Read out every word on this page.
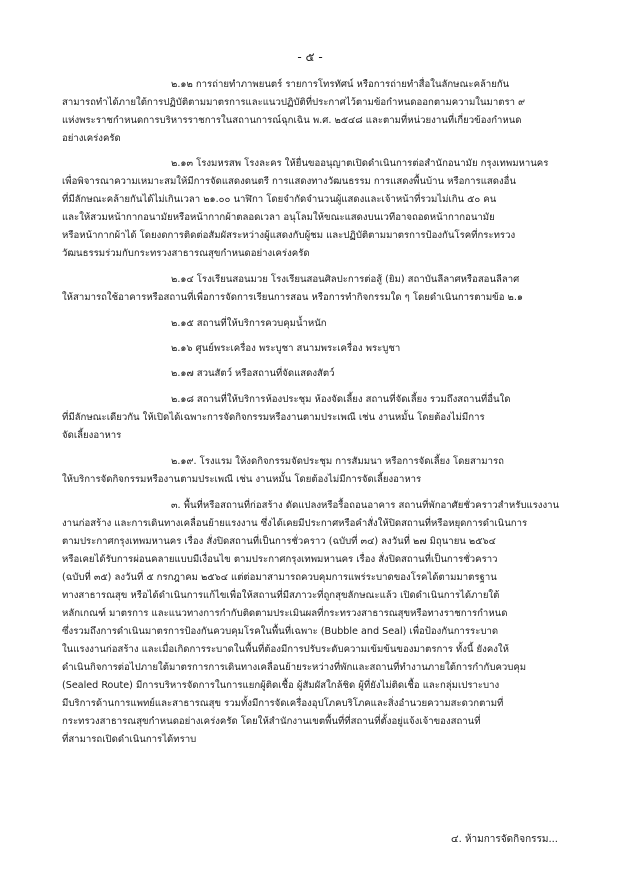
- ๕ -
๒.๑๒ การถ่ายทำภาพยนตร์ รายการโทรทัศน์ หรือการถ่ายทำสื่อในลักษณะคล้ายกัน
สามารถทำได้ภายใต้การปฏิบัติตามมาตรการและแนวปฏิบัติที่ประกาศไว้ตามข้อกำหนดออกตามความในมาตรา ๙
แห่งพระราชกำหนดการบริหารราชการในสถานการณ์ฉุกเฉิน พ.ศ. ๒๕๔๘ และตามที่หน่วยงานที่เกี่ยวข้องกำหนด
อย่างเคร่งครัด
๒.๑๓ โรงมหรสพ โรงละคร ให้ยื่นขออนุญาตเปิดดำเนินการต่อสำนักอนามัย กรุงเทพมหานคร
เพื่อพิจารณาความเหมาะสมให้มีการจัดแสดงดนตรี การแสดงทางวัฒนธรรม การแสดงพื้นบ้าน หรือการแสดงอื่น
ที่มีลักษณะคล้ายกันได้ไม่เกินเวลา ๒๑.๐๐ นาฬิกา โดยจำกัดจำนวนผู้แสดงและเจ้าหน้าที่รวมไม่เกิน ๕๐ คน
และให้สวมหน้ากากอนามัยหรือหน้ากากผ้าตลอดเวลา อนุโลมให้ขณะแสดงบนเวทีอาจถอดหน้ากากอนามัย
หรือหน้ากากผ้าได้ โดยงดการติดต่อสัมผัสระหว่างผู้แสดงกับผู้ชม และปฏิบัติตามมาตรการป้องกันโรคที่กระทรวง
วัฒนธรรมร่วมกับกระทรวงสาธารณสุขกำหนดอย่างเคร่งครัด
๒.๑๔ โรงเรียนสอนมวย โรงเรียนสอนศิลปะการต่อสู้ (ยิม) สถาบันลีลาศหรือสอนลีลาศ
ให้สามารถใช้อาคารหรือสถานที่เพื่อการจัดการเรียนการสอน หรือการทำกิจกรรมใด ๆ โดยดำเนินการตามข้อ ๒.๑
๒.๑๕ สถานที่ให้บริการควบคุมน้ำหนัก
๒.๑๖ ศูนย์พระเครื่อง พระบูชา สนามพระเครื่อง พระบูชา
๒.๑๗ สวนสัตว์ หรือสถานที่จัดแสดงสัตว์
๒.๑๘ สถานที่ให้บริการห้องประชุม ห้องจัดเลี้ยง สถานที่จัดเลี้ยง รวมถึงสถานที่อื่นใด
ที่มีลักษณะเดียวกัน ให้เปิดได้เฉพาะการจัดกิจกรรมหรืองานตามประเพณี เช่น งานหมั้น โดยต้องไม่มีการ
จัดเลี้ยงอาหาร
๒.๑๙. โรงแรม ให้งดกิจกรรมจัดประชุม การสัมมนา หรือการจัดเลี้ยง โดยสามารถ
ให้บริการจัดกิจกรรมหรืองานตามประเพณี เช่น งานหมั้น โดยต้องไม่มีการจัดเลี้ยงอาหาร
๓. พื้นที่หรือสถานที่ก่อสร้าง ดัดแปลงหรือรื้อถอนอาคาร สถานที่พักอาศัยชั่วคราวสำหรับแรงงาน
งานก่อสร้าง และการเดินทางเคลื่อนย้ายแรงงาน ซึ่งได้เคยมีประกาศหรือคำสั่งให้ปิดสถานที่หรือหยุดการดำเนินการ
ตามประกาศกรุงเทพมหานคร เรื่อง สั่งปิดสถานที่เป็นการชั่วคราว (ฉบับที่ ๓๔) ลงวันที่ ๒๗ มิถุนายน ๒๕๖๔
หรือเคยได้รับการผ่อนคลายแบบมีเงื่อนไข ตามประกาศกรุงเทพมหานคร เรื่อง สั่งปิดสถานที่เป็นการชั่วคราว
(ฉบับที่ ๓๕) ลงวันที่ ๕ กรกฎาคม ๒๕๖๔ แต่ต่อมาสามารถควบคุมการแพร่ระบาดของโรคได้ตามมาตรฐาน
ทางสาธารณสุข หรือได้ดำเนินการแก้ไขเพื่อให้สถานที่มีสภาวะที่ถูกสุขลักษณะแล้ว เปิดดำเนินการได้ภายใต้
หลักเกณฑ์ มาตรการ และแนวทางการกำกับติดตามประเมินผลที่กระทรวงสาธารณสุขหรือทางราชการกำหนด
ซึ่งรวมถึงการดำเนินมาตรการป้องกันควบคุมโรคในพื้นที่เฉพาะ (Bubble and Seal) เพื่อป้องกันการระบาด
ในแรงงานก่อสร้าง และเมื่อเกิดการระบาดในพื้นที่ต้องมีการปรับระดับความเข้มข้นของมาตรการ ทั้งนี้ ยังคงให้
ดำเนินกิจการต่อไปภายใต้มาตรการการเดินทางเคลื่อนย้ายระหว่างที่พักและสถานที่ทำงานภายใต้การกำกับควบคุม
(Sealed Route) มีการบริหารจัดการในการแยกผู้ติดเชื้อ ผู้สัมผัสใกล้ชิด ผู้ที่ยังไม่ติดเชื้อ และกลุ่มเปราะบาง
มีบริการด้านการแพทย์และสาธารณสุข รวมทั้งมีการจัดเครื่องอุปโภคบริโภคและสิ่งอำนวยความสะดวกตามที่
กระทรวงสาธารณสุขกำหนดอย่างเคร่งครัด โดยให้สำนักงานเขตพื้นที่ที่สถานที่ตั้งอยู่แจ้งเจ้าของสถานที่
ที่สามารถเปิดดำเนินการได้ทราบ
๔. ห้ามการจัดกิจกรรม...
